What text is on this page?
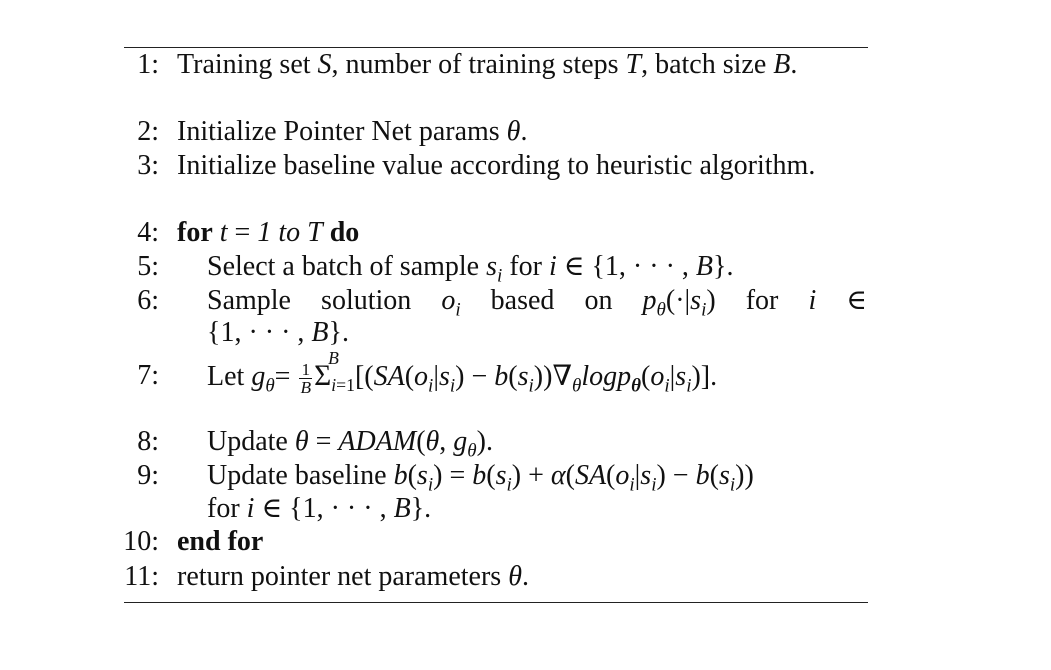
1: Training set S, number of training steps T, batch size B.
2: Initialize Pointer Net params θ.
3: Initialize baseline value according to heuristic algorithm.
4: for t = 1 to T do
5: Select a batch of sample $s_i$ for i ∈ {1, · · · , B}.
6: Sample solution $o_i$ based on $p_\theta(\cdot|s_i)$ for i ∈
{1, · · · , B}.
7: Let $g_\theta= \frac{1}{B}$ Σ
B
$_{i=1}[(SA(o_i|s_i) - b(s_i))\nabla_\theta\log p_\theta(o_i|s_i)]$.
8: Update θ = ADAM(θ, $g_\theta$).
9: Update baseline $b(s_i) = b(s_i) + \alpha(SA(o_i|s_i) - b(s_i))$
for i ∈ {1, · · · , B}.
10: end for
11: return pointer net parameters θ.
